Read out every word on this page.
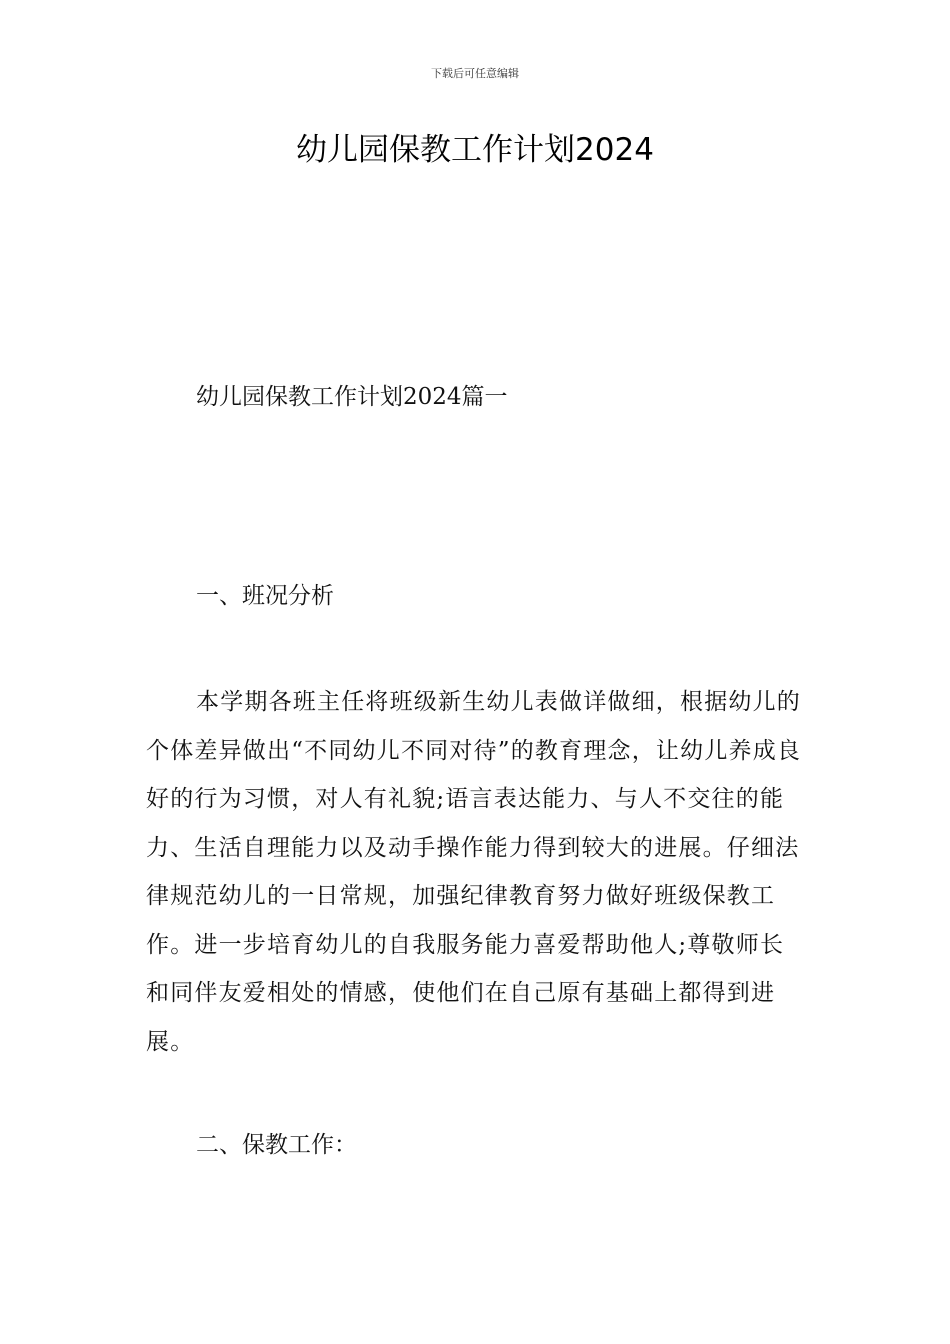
下载后可任意编辑
幼儿园保教工作计划2024
幼儿园保教工作计划2024篇一
一、班况分析

本学期各班主任将班级新生幼儿表做详做细，根据幼儿的个体差异做出“不同幼儿不同对待”的教育理念，让幼儿养成良好的行为习惯，对人有礼貌;语言表达能力、与人不交往的能力、生活自理能力以及动手操作能力得到较大的进展。仔细法律规范幼儿的一日常规，加强纪律教育努力做好班级保教工作。进一步培育幼儿的自我服务能力喜爱帮助他人;尊敬师长和同伴友爱相处的情感，使他们在自己原有基础上都得到进展。

二、保教工作：
